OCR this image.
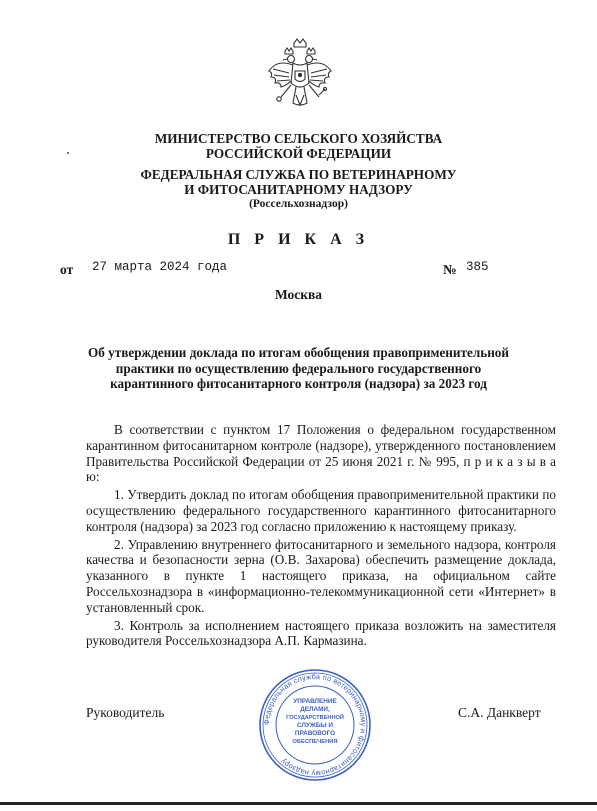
МИНИСТЕРСТВО СЕЛЬСКОГО ХОЗЯЙСТВА
РОССИЙСКОЙ ФЕДЕРАЦИИ
ФЕДЕРАЛЬНАЯ СЛУЖБА ПО ВЕТЕРИНАРНОМУ
И ФИТОСАНИТАРНОМУ НАДЗОРУ
(Россельхознадзор)
П Р И К А З
от 27 марта 2024 года	№ 385
Москва
Об утверждении доклада по итогам обобщения правоприменительной
практики по осуществлению федерального государственного
карантинного фитосанитарного контроля (надзора) за 2023 год

В соответствии с пунктом 17 Положения о федеральном государственном карантинном фитосанитарном контроле (надзоре), утвержденного постановлением Правительства Российской Федерации от 25 июня 2021 г. № 995, п р и к а з ы в а ю:

1. Утвердить доклад по итогам обобщения правоприменительной практики по осуществлению федерального государственного карантинного фитосанитарного контроля (надзора) за 2023 год согласно приложению к настоящему приказу.

2. Управлению внутреннего фитосанитарного и земельного надзора, контроля качества и безопасности зерна (О.В. Захарова) обеспечить размещение доклада, указанного в пункте 1 настоящего приказа, на официальном сайте Россельхознадзора в «информационно-телекоммуникационной сети «Интернет» в установленный срок.

3. Контроль за исполнением настоящего приказа возложить на заместителя руководителя Россельхознадзора А.П. Кармазина.

Руководитель	С.А. Данкверт
Федеральная служба по ветеринарному и фитосанитарному надзору
УПРАВЛЕНИЕ
ДЕЛАМИ,
ГОСУДАРСТВЕННОЙ
СЛУЖБЫ И
ПРАВОВОГО
ОБЕСПЕЧЕНИЯ
